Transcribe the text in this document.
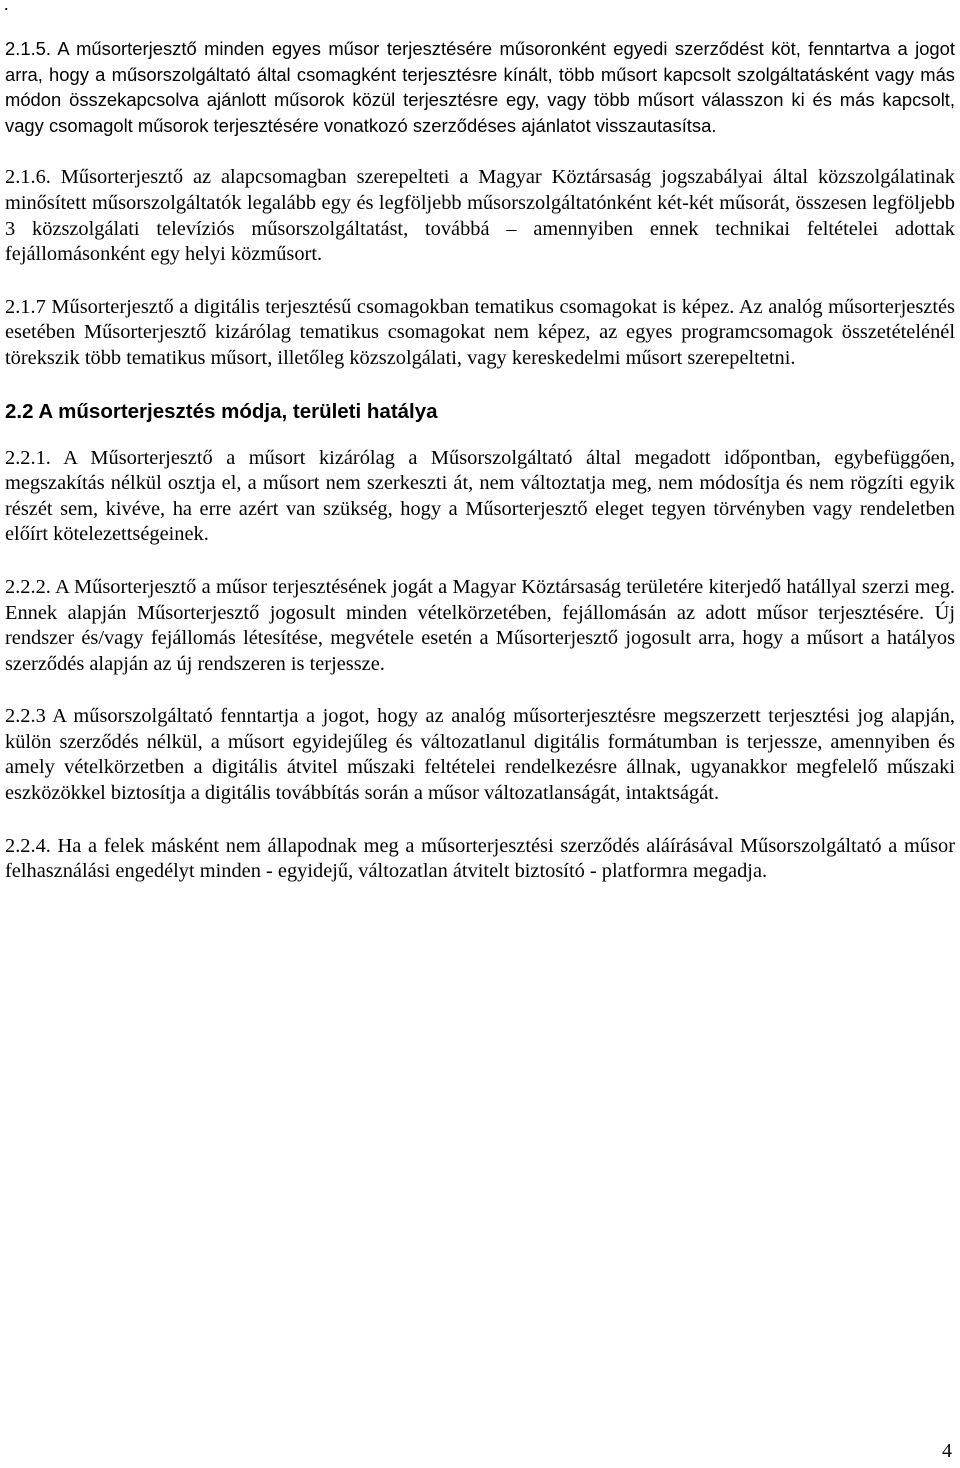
.

2.1.5. A műsorterjesztő minden egyes műsor terjesztésére műsoronként egyedi szerződést köt, fenntartva a jogot arra, hogy a műsorszolgáltató által csomagként terjesztésre kínált, több műsort kapcsolt szolgáltatásként vagy más módon összekapcsolva ajánlott műsorok közül terjesztésre egy, vagy több műsort válasszon ki és más kapcsolt, vagy csomagolt műsorok terjesztésére vonatkozó szerződéses ajánlatot visszautasítsa.

2.1.6. Műsorterjesztő az alapcsomagban szerepelteti a Magyar Köztársaság jogszabályai által közszolgálatinak minősített műsorszolgáltatók legalább egy és legföljebb műsorszolgáltatónként két-két műsorát, összesen legföljebb 3 közszolgálati televíziós műsorszolgáltatást, továbbá – amennyiben ennek technikai feltételei adottak fejállomásonként egy helyi közműsort.

2.1.7 Műsorterjesztő a digitális terjesztésű csomagokban tematikus csomagokat is képez. Az analóg műsorterjesztés esetében Műsorterjesztő kizárólag tematikus csomagokat nem képez, az egyes programcsomagok összetételénél törekszik több tematikus műsort, illetőleg közszolgálati, vagy kereskedelmi műsort szerepeltetni.

2.2 A műsorterjesztés módja, területi hatálya

2.2.1. A Műsorterjesztő a műsort kizárólag a Műsorszolgáltató által megadott időpontban, egybefüggően, megszakítás nélkül osztja el, a műsort nem szerkeszti át, nem változtatja meg, nem módosítja és nem rögzíti egyik részét sem, kivéve, ha erre azért van szükség, hogy a Műsorterjesztő eleget tegyen törvényben vagy rendeletben előírt kötelezettségeinek.

2.2.2. A Műsorterjesztő a műsor terjesztésének jogát a Magyar Köztársaság területére kiterjedő hatállyal szerzi meg. Ennek alapján Műsorterjesztő jogosult minden vételkörzetében, fejállomásán az adott műsor terjesztésére. Új rendszer és/vagy fejállomás létesítése, megvétele esetén a Műsorterjesztő jogosult arra, hogy a műsort a hatályos szerződés alapján az új rendszeren is terjessze.

2.2.3 A műsorszolgáltató fenntartja a jogot, hogy az analóg műsorterjesztésre megszerzett terjesztési jog alapján, külön szerződés nélkül, a műsort egyidejűleg és változatlanul digitális formátumban is terjessze, amennyiben és amely vételkörzetben a digitális átvitel műszaki feltételei rendelkezésre állnak, ugyanakkor megfelelő műszaki eszközökkel biztosítja a digitális továbbítás során a műsor változatlanságát, intaktságát.

2.2.4. Ha a felek másként nem állapodnak meg a műsorterjesztési szerződés aláírásával Műsorszolgáltató a műsor felhasználási engedélyt minden - egyidejű, változatlan átvitelt biztosító - platformra megadja.

4
